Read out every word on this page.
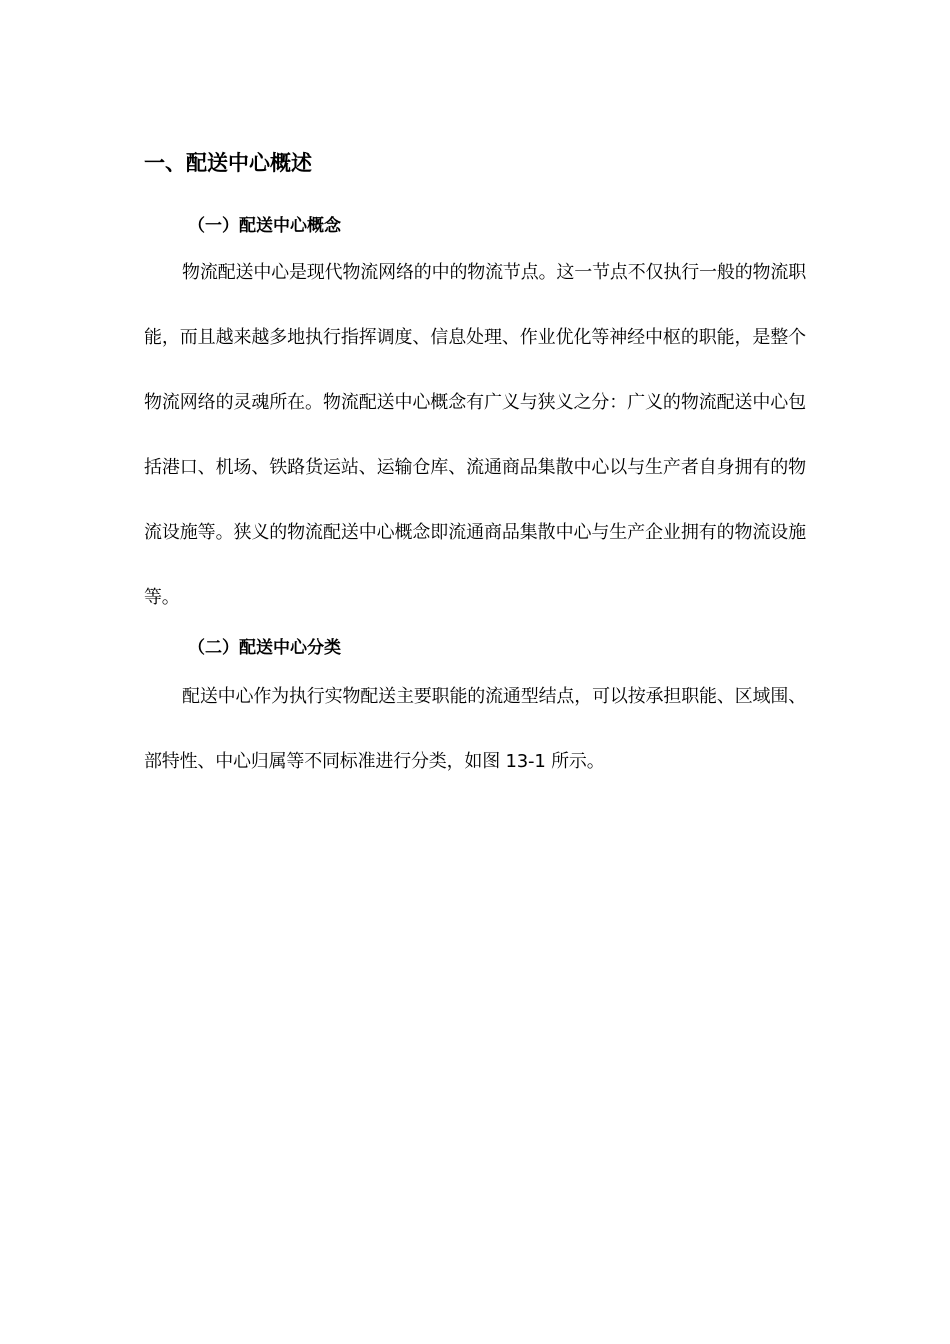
一、配送中心概述
（一）配送中心概念

物流配送中心是现代物流网络的中的物流节点。这一节点不仅执行一般的物流职能，而且越来越多地执行指挥调度、信息处理、作业优化等神经中枢的职能，是整个物流网络的灵魂所在。物流配送中心概念有广义与狭义之分：广义的物流配送中心包括港口、机场、铁路货运站、运输仓库、流通商品集散中心以与生产者自身拥有的物流设施等。狭义的物流配送中心概念即流通商品集散中心与生产企业拥有的物流设施等。

（二）配送中心分类

配送中心作为执行实物配送主要职能的流通型结点，可以按承担职能、区域围、部特性、中心归属等不同标准进行分类，如图 13-1 所示。
